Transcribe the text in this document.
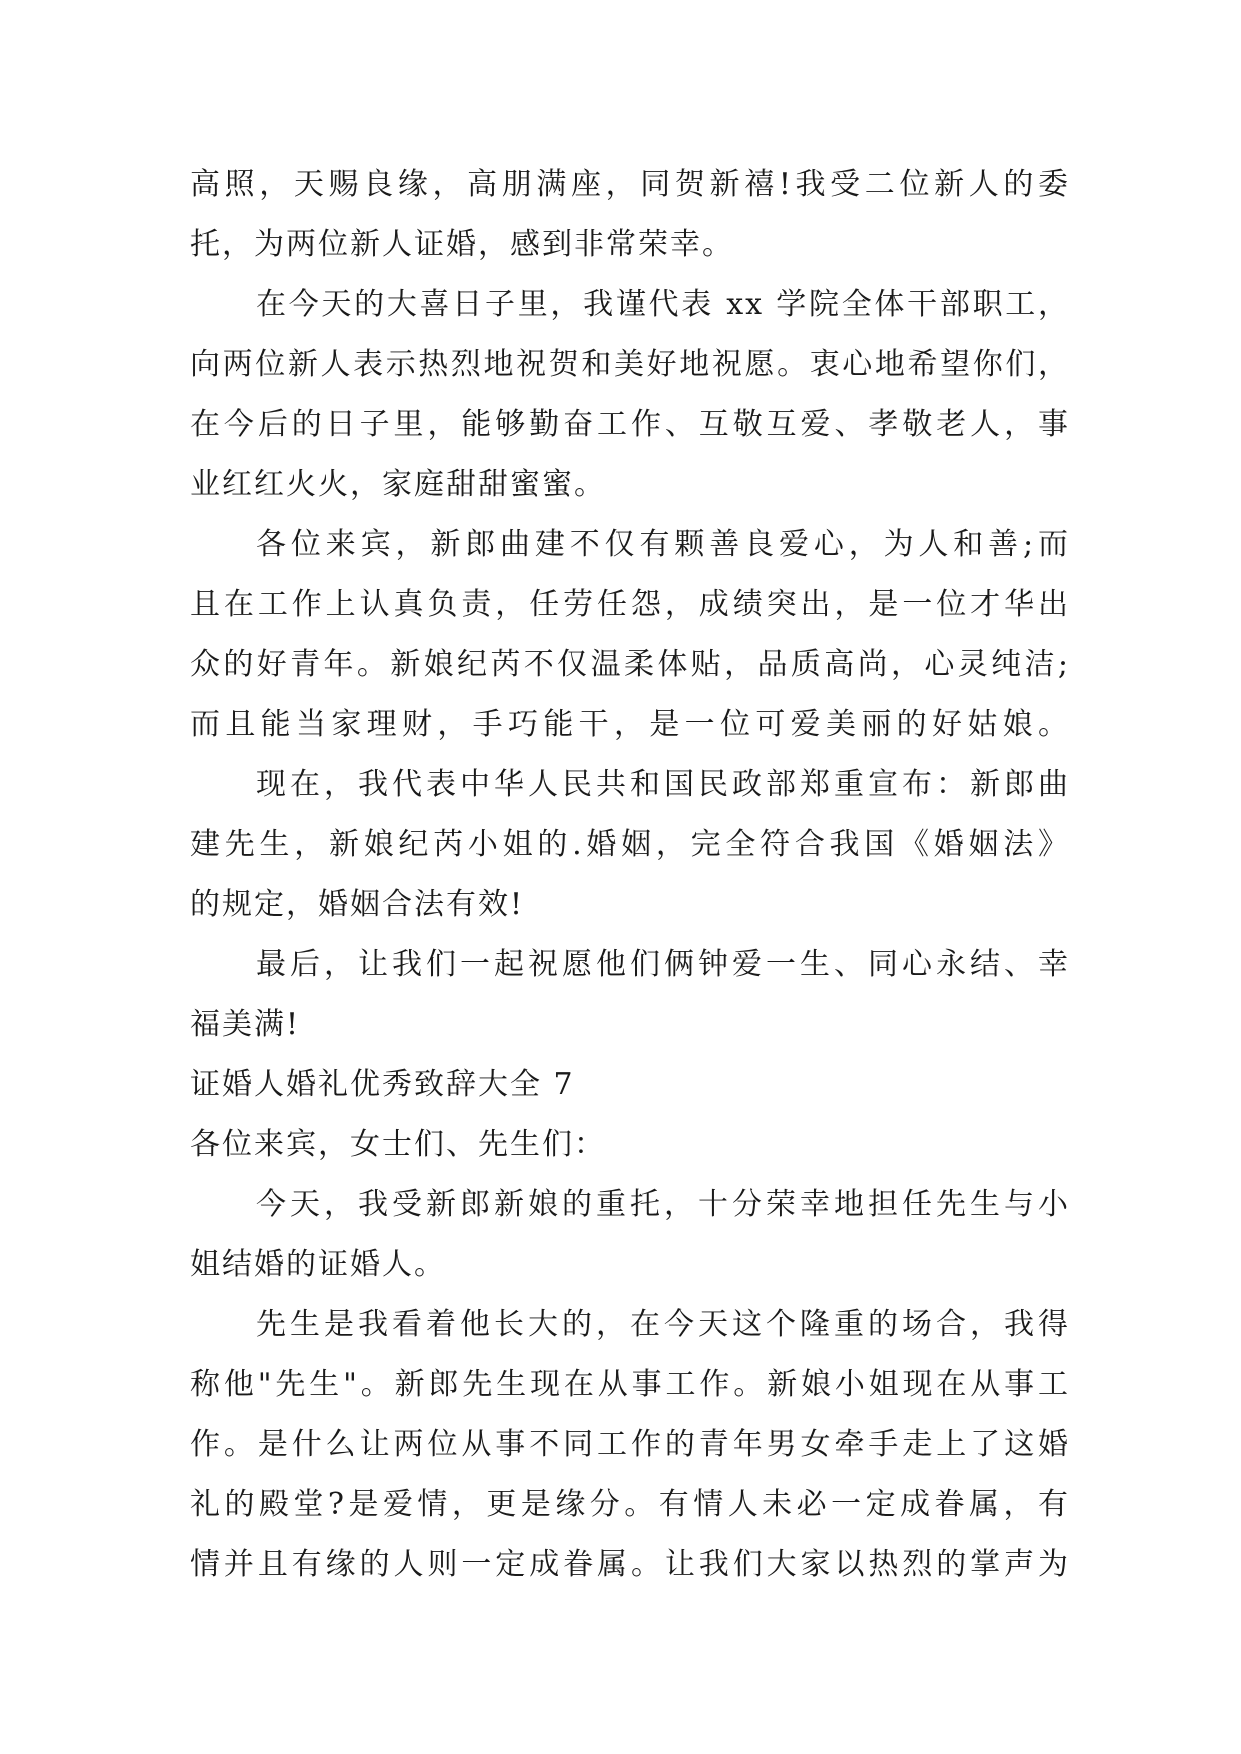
高照，天赐良缘，高朋满座，同贺新禧!我受二位新人的委
托，为两位新人证婚，感到非常荣幸。
在今天的大喜日子里，我谨代表 xx 学院全体干部职工，
向两位新人表示热烈地祝贺和美好地祝愿。衷心地希望你们，
在今后的日子里，能够勤奋工作、互敬互爱、孝敬老人，事
业红红火火，家庭甜甜蜜蜜。
各位来宾，新郎曲建不仅有颗善良爱心，为人和善;而
且在工作上认真负责，任劳任怨，成绩突出，是一位才华出
众的好青年。新娘纪芮不仅温柔体贴，品质高尚，心灵纯洁;
而且能当家理财，手巧能干，是一位可爱美丽的好姑娘。
现在，我代表中华人民共和国民政部郑重宣布：新郎曲
建先生，新娘纪芮小姐的.婚姻，完全符合我国《婚姻法》
的规定，婚姻合法有效!
最后，让我们一起祝愿他们俩钟爱一生、同心永结、幸
福美满!
证婚人婚礼优秀致辞大全 7
各位来宾，女士们、先生们：
今天，我受新郎新娘的重托，十分荣幸地担任先生与小
姐结婚的证婚人。
先生是我看着他长大的，在今天这个隆重的场合，我得
称他"先生"。新郎先生现在从事工作。新娘小姐现在从事工
作。是什么让两位从事不同工作的青年男女牵手走上了这婚
礼的殿堂?是爱情，更是缘分。有情人未必一定成眷属，有
情并且有缘的人则一定成眷属。让我们大家以热烈的掌声为
